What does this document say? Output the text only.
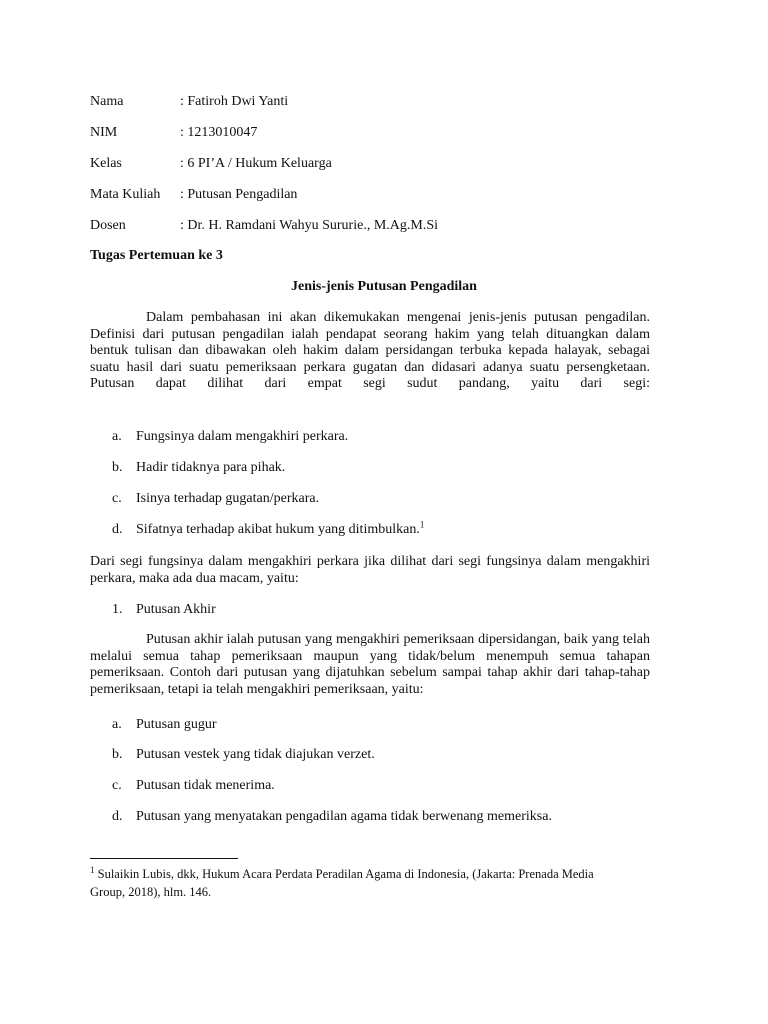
Nama	: Fatiroh Dwi Yanti
NIM	: 1213010047
Kelas	: 6 PI’A / Hukum Keluarga
Mata Kuliah : Putusan Pengadilan
Dosen	: Dr. H. Ramdani Wahyu Sururie., M.Ag.M.Si
Tugas Pertemuan ke 3
Jenis-jenis Putusan Pengadilan
Dalam pembahasan ini akan dikemukakan mengenai jenis-jenis putusan pengadilan.
Definisi dari putusan pengadilan ialah pendapat seorang hakim yang telah dituangkan dalam
bentuk tulisan dan dibawakan oleh hakim dalam persidangan terbuka kepada halayak, sebagai
suatu hasil dari suatu pemeriksaan perkara gugatan dan didasari adanya suatu persengketaan.
Putusan dapat dilihat dari empat segi sudut pandang, yaitu dari segi:
a. Fungsinya dalam mengakhiri perkara.
b. Hadir tidaknya para pihak.
c. Isinya terhadap gugatan/perkara.
d. Sifatnya terhadap akibat hukum yang ditimbulkan.$^1$
Dari segi fungsinya dalam mengakhiri perkara jika dilihat dari segi fungsinya dalam mengakhiri
perkara, maka ada dua macam, yaitu:
1. Putusan Akhir
Putusan akhir ialah putusan yang mengakhiri pemeriksaan dipersidangan, baik yang telah
melalui semua tahap pemeriksaan maupun yang tidak/belum menempuh semua tahapan
pemeriksaan. Contoh dari putusan yang dijatuhkan sebelum sampai tahap akhir dari tahap-tahap
pemeriksaan, tetapi ia telah mengakhiri pemeriksaan, yaitu:
a. Putusan gugur
b. Putusan vestek yang tidak diajukan verzet.
c. Putusan tidak menerima.
d. Putusan yang menyatakan pengadilan agama tidak berwenang memeriksa.
$^1$ Sulaikin Lubis, dkk, Hukum Acara Perdata Peradilan Agama di Indonesia, (Jakarta: Prenada Media
Group, 2018), hlm. 146.
